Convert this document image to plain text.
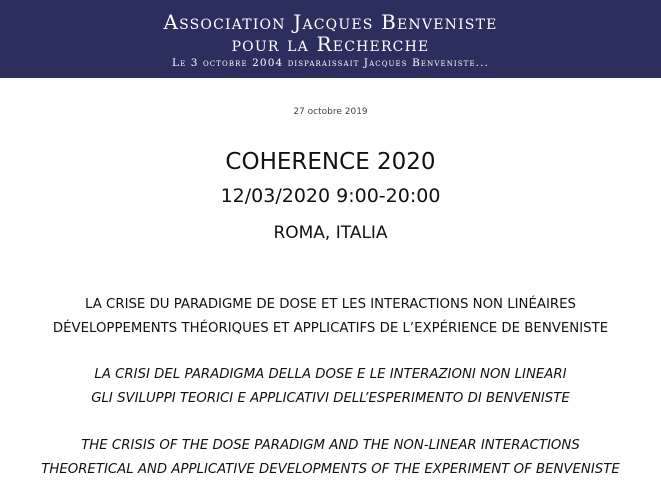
Association Jacques Benveniste
pour la Recherche
Le 3 octobre 2004 disparaissait Jacques Benveniste...
27 octobre 2019
COHERENCE 2020
12/03/2020 9:00-20:00
ROMA, ITALIA
LA CRISE DU PARADIGME DE DOSE ET LES INTERACTIONS NON LINÉAIRES
DÉVELOPPEMENTS THÉORIQUES ET APPLICATIFS DE L’EXPÉRIENCE DE BENVENISTE
LA CRISI DEL PARADIGMA DELLA DOSE E LE INTERAZIONI NON LINEARI
GLI SVILUPPI TEORICI E APPLICATIVI DELL’ESPERIMENTO DI BENVENISTE
THE CRISIS OF THE DOSE PARADIGM AND THE NON-LINEAR INTERACTIONS
THEORETICAL AND APPLICATIVE DEVELOPMENTS OF THE EXPERIMENT OF BENVENISTE
